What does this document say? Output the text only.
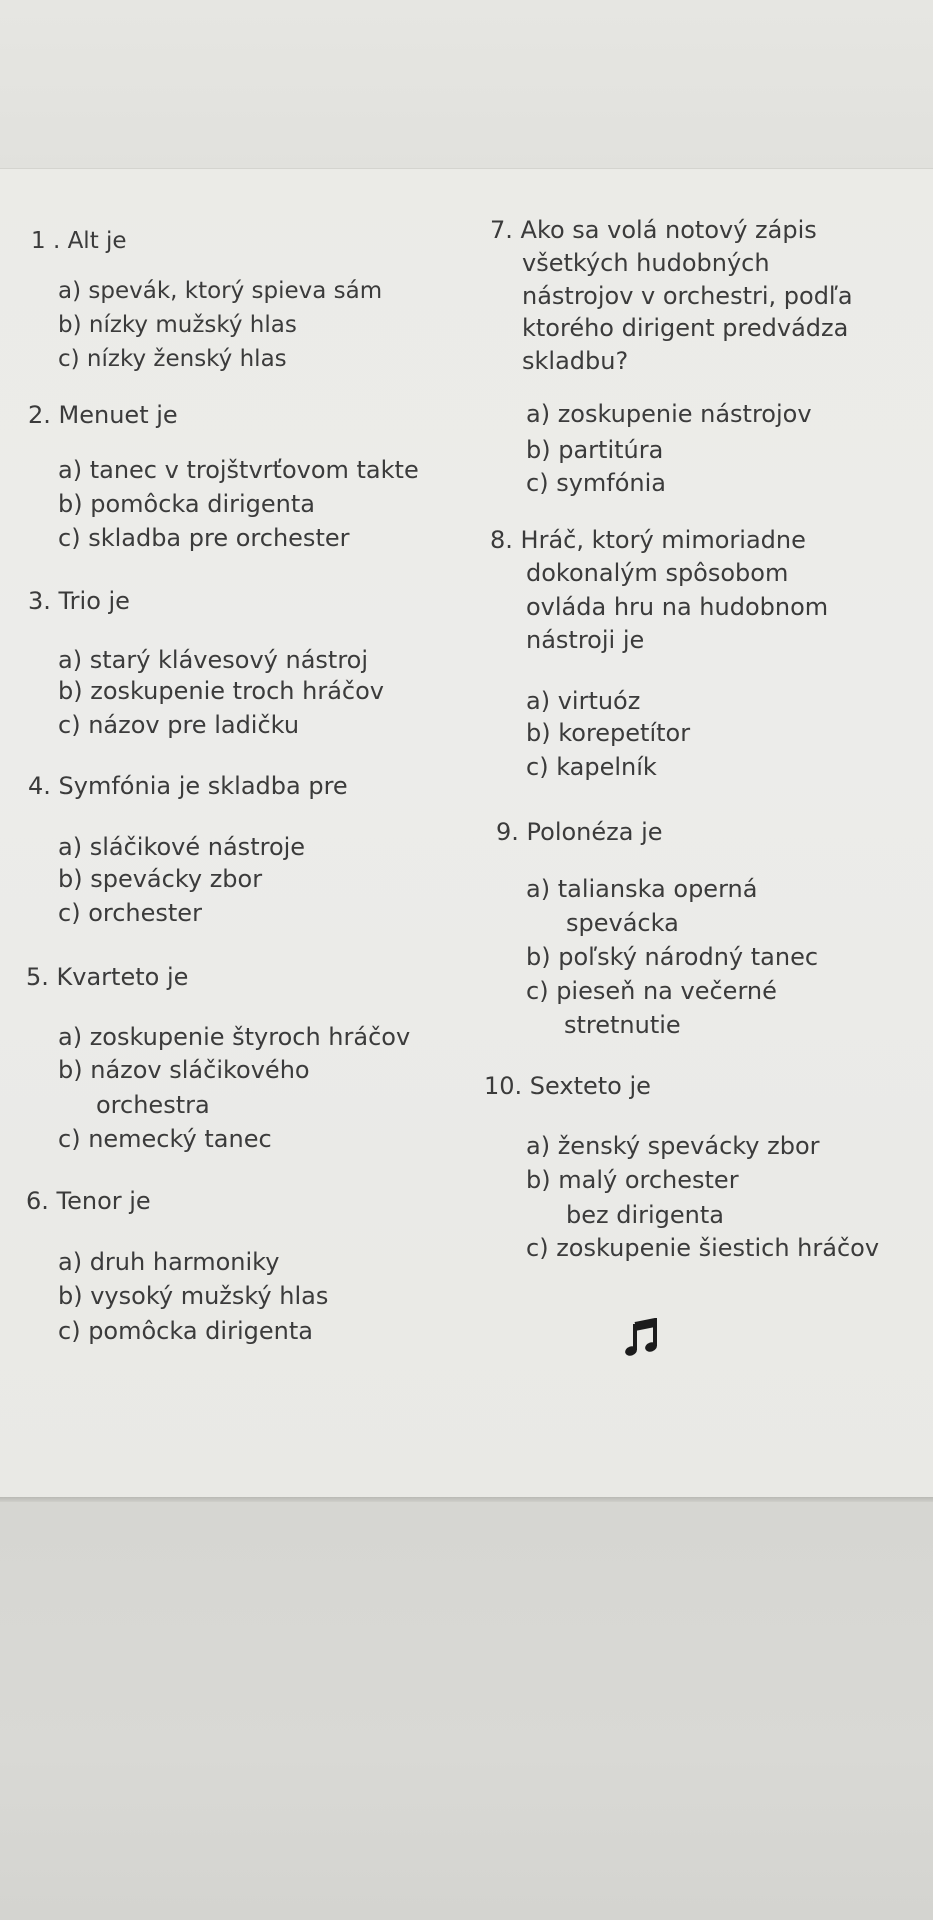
1 . Alt je
a) spevák, ktorý spieva sám
b) nízky mužský hlas
c) nízky ženský hlas
2. Menuet je
a) tanec v trojštvrťovom takte
b) pomôcka dirigenta
c) skladba pre orchester
3. Trio je
a) starý klávesový nástroj
b) zoskupenie troch hráčov
c) názov pre ladičku
4. Symfónia je skladba pre
a) sláčikové nástroje
b) spevácky zbor
c) orchester
5. Kvarteto je
a) zoskupenie štyroch hráčov
b) názov sláčikového
orchestra
c) nemecký tanec
6. Tenor je
a) druh harmoniky
b) vysoký mužský hlas
c) pomôcka dirigenta
7. Ako sa volá notový zápis
všetkých hudobných
nástrojov v orchestri, podľa
ktorého dirigent predvádza
skladbu?
a) zoskupenie nástrojov
b) partitúra
c) symfónia
8. Hráč, ktorý mimoriadne
dokonalým spôsobom
ovláda hru na hudobnom
nástroji je
a) virtuóz
b) korepetítor
c) kapelník
9. Polonéza je
a) talianska operná
spevácka
b) poľský národný tanec
c) pieseň na večerné
stretnutie
10. Sexteto je
a) ženský spevácky zbor
b) malý orchester
bez dirigenta
c) zoskupenie šiestich hráčov
